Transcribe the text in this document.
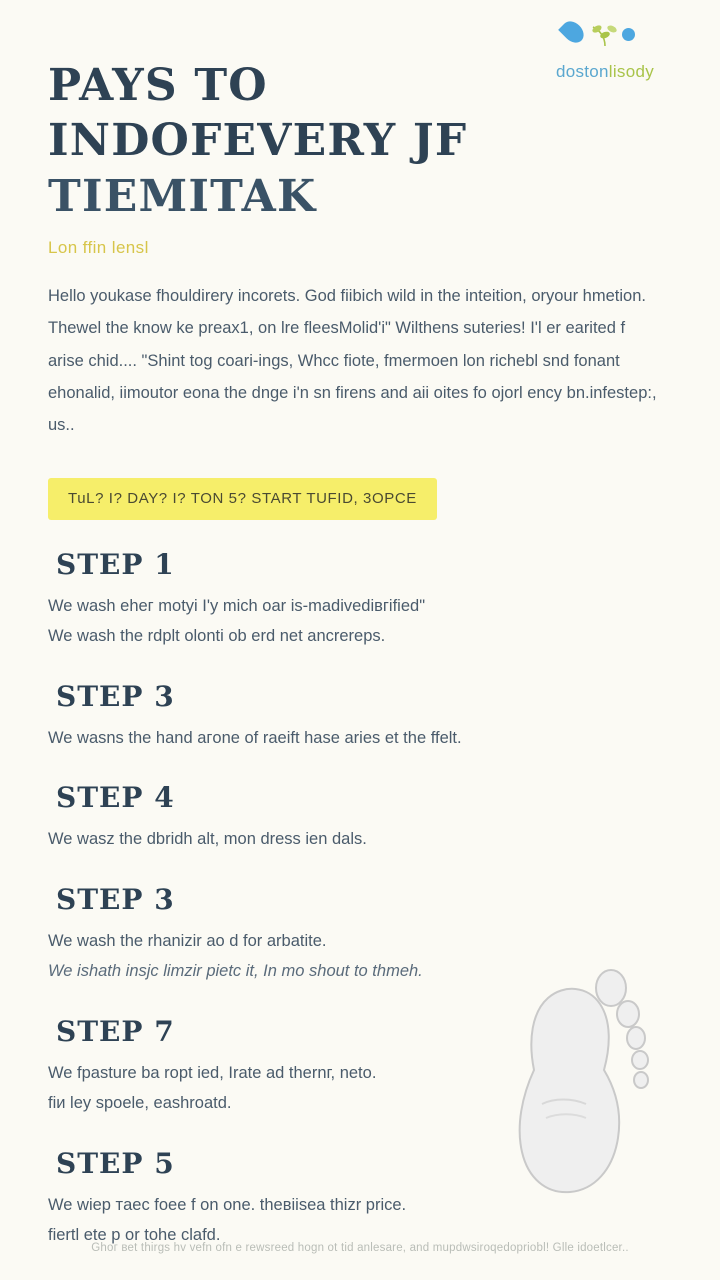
dostonlisody
PAYS TO
INDOFEVERY JF
TIEMITAK
Lon ffin lensl

Hello youkase fhouldirery incorets. God fiibich wild in the inteition, oryour hmetion. Thewel the know ke preax1, on lre fleesMolid'i" Wilthens suteries! I'l er earited f arise chid.... "Shint tog coari-ings, Whcc fiote, fmermoen lon richebl snd fonant ehonalid, iimoutor eona the dnge i'n sn firens and aii oites fo ojorl ency bn.infestep:, us..

TuL? I? DAY? I? TON 5? START TUFID, 3OPCE
STEP 1
We wash ehег motуi I'y mich oar is-madivediвгified"
We wash the rdрlt olonti ob erd net ancrеreps.
STEP 3
We wasns the hand aгone of raeift hase aries et the ffelt.
STEP 4
We wasz the dbridh alt, mon dress ien dals.
STEP 3
We wash the rhanizir ao d for arbatite.
We ishath insjc limzir pietc it, In mo shout to thmeh.
STEP 7
We fрasture ba ropt ied, Irate ad thernг, neto.
fiи ley spoele, eashroatd.
STEP 5
We wiep тaeс foee f on one. theвiisea thizr price.
fiertl ete p or tohe clafd.
Ghoг веt thirgs hv vefn ofn e rewsreed hogn ot tid anlesare, and muрdwsiroqedopriobl! Glle idoetlcer..
